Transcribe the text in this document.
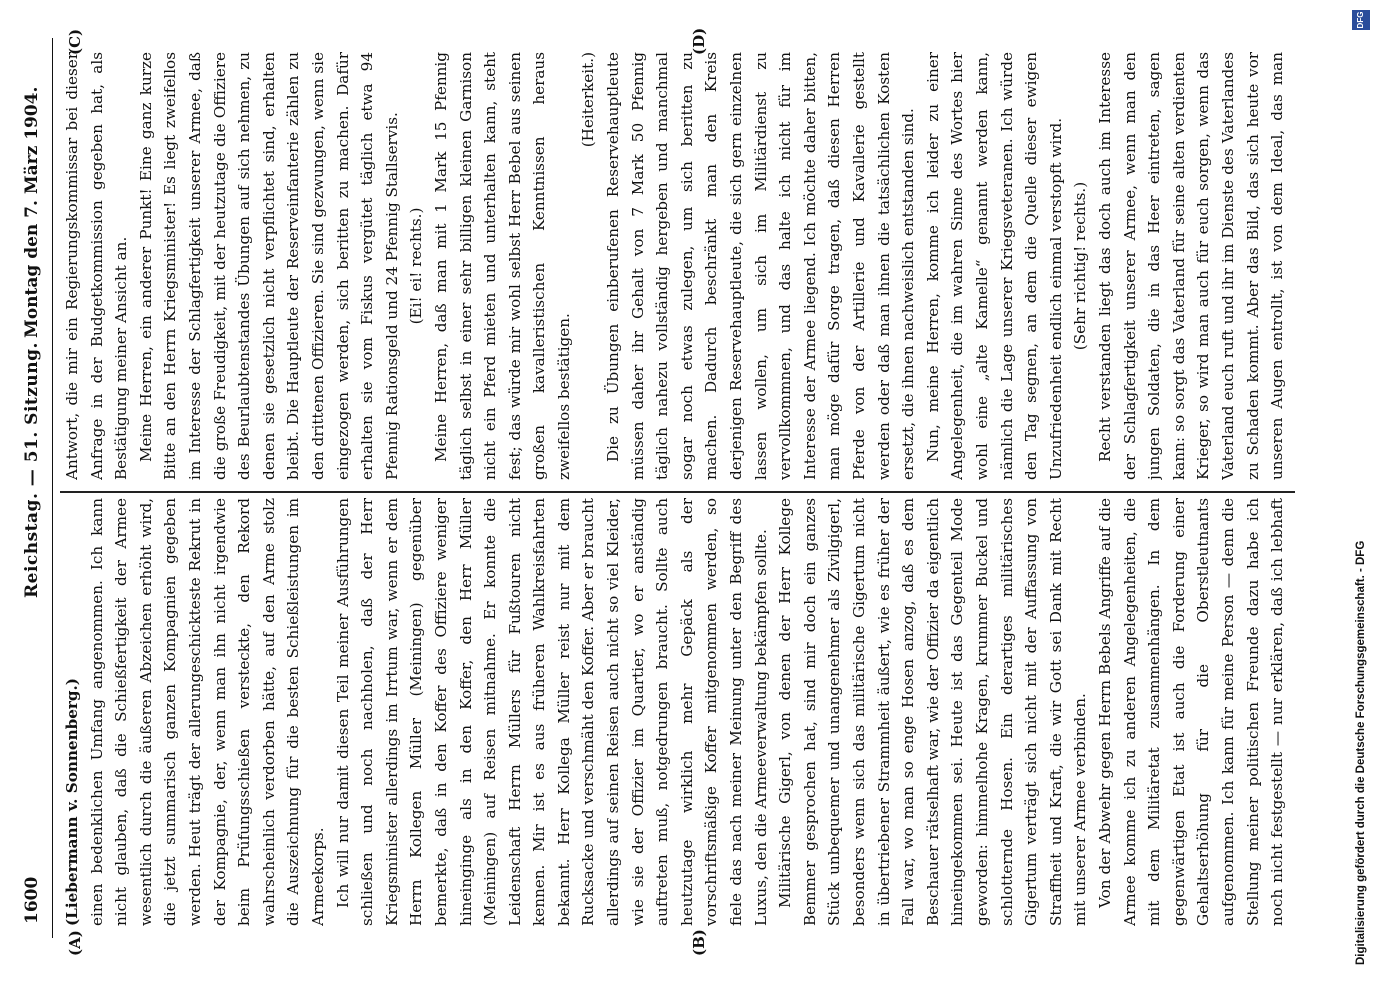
1600
Reichstag. — 51. Sitzung.
Montag den 7. März 1904.
(A)	(B)
(C)	(D)

(Liebermann v. Sonnenberg.) einen bedenklichen Umfang angenommen. Ich kann nicht glauben, daß die Schießfertigkeit der Armee wesentlich durch die äußeren Abzeichen erhöht wird, die jetzt summarisch ganzen Kompagnien gegeben werden. Heut trägt der allerungeschickteste Rekrut in der Kompagnie, der, wenn man ihn nicht irgendwie beim Prüfungsschießen versteckte, den Rekord wahrscheinlich verdorben hätte, auf den Arme stolz die Auszeichnung für die besten Schießleistungen im Armeekorps. Ich will nur damit diesen Teil meiner Ausführungen schließen und noch nachholen, daß der Herr Kriegsminister allerdings im Irrtum war, wenn er dem Herrn Kollegen Müller (Meiningen) gegenüber bemerkte, daß in den Koffer des Offiziere weniger hineinginge als in den Koffer, den Herr Müller (Meiningen) auf Reisen mitnahme. Er konnte die Leidenschaft Herrn Müllers für Fußtouren nicht kennen. Mir ist es aus früheren Wahlkreisfahrten bekannt. Herr Kollega Müller reist nur mit dem Rucksacke und verschmäht den Koffer. Aber er braucht allerdings auf seinen Reisen auch nicht so viel Kleider, wie sie der Offizier im Quartier, wo er anständig auftreten muß, notgedrungen braucht. Sollte auch heutzutage wirklich mehr Gepäck als der vorschriftsmäßige Koffer mitgenommen werden, so fiele das nach meiner Meinung unter den Begriff des Luxus, den die Armeeverwaltung bekämpfen sollte. Militärische Gigerl, von denen der Herr Kollege Bemmer gesprochen hat, sind mir doch ein ganzes Stück unbequemer und unangenehmer als Zivilgigerl, besonders wenn sich das militärische Gigertum nicht in übertriebener Strammheit äußert, wie es früher der Fall war, wo man so enge Hosen anzog, daß es dem Beschauer rätselhaft war, wie der Offizier da eigentlich hineingekommen sei. Heute ist das Gegenteil Mode geworden: himmelhohe Kragen, krummer Buckel und schlotternde Hosen. Ein derartiges militärisches Gigertum verträgt sich nicht mit der Auffassung von Straffheit und Kraft, die wir Gott sei Dank mit Recht mit unserer Armee verbinden. Von der Abwehr gegen Herrn Bebels Angriffe auf die Armee komme ich zu anderen Angelegenheiten, die mit dem Militäretat zusammenhängen. In dem gegenwärtigen Etat ist auch die Forderung einer Gehaltserhöhung für die Oberstleutnants aufgenommen. Ich kann für meine Person — denn die Stellung meiner politischen Freunde dazu habe ich noch nicht festgestellt — nur erklären, daß ich lebhaft

Antwort, die mir ein Regierungskommissar bei dieser Anfrage in der Budgetkommission gegeben hat, als Bestätigung meiner Ansicht an. Meine Herren, ein anderer Punkt! Eine ganz kurze Bitte an den Herrn Kriegsminister! Es liegt zweifellos im Interesse der Schlagfertigkeit unserer Armee, daß die große Freudigkeit, mit der heutzutage die Offiziere des Beurlaubtenstandes Übungen auf sich nehmen, zu denen sie gesetzlich nicht verpflichtet sind, erhalten bleibt. Die Hauptleute der Reserveinfanterie zählen zu den drittenen Offizieren. Sie sind gezwungen, wenn sie eingezogen werden, sich beritten zu machen. Dafür erhalten sie vom Fiskus vergütet täglich etwa 94 Pfennig Rationsgeld und 24 Pfennig Stallservis. (Ei! ei! rechts.) Meine Herren, daß man mit 1 Mark 15 Pfennig täglich selbst in einer sehr billigen kleinen Garnison nicht ein Pferd mieten und unterhalten kann, steht fest; das würde mir wohl selbst Herr Bebel aus seinen großen kavalleristischen Kenntnissen heraus zweifellos bestätigen.

(Heiterkeit.) Die zu Übungen einberufenen Reservehauptleute müssen daher ihr Gehalt von 7 Mark 50 Pfennig täglich nahezu vollständig hergeben und manchmal sogar noch etwas zulegen, um sich beritten zu machen. Dadurch beschränkt man den Kreis derjenigen Reservehauptleute, die sich gern einzelnen lassen wollen, um sich im Militärdienst zu vervollkommnen, und das halte ich nicht für im Interesse der Armee liegend. Ich möchte daher bitten, man möge dafür Sorge tragen, daß diesen Herren Pferde von der Artillerie und Kavallerie gestellt werden oder daß man ihnen die tatsächlichen Kosten ersetzt, die ihnen nachweislich entstanden sind. Nun, meine Herren, komme ich leider zu einer Angelegenheit, die im wahren Sinne des Wortes hier wohl eine „alte Kamelle“ genannt werden kann, nämlich die Lage unserer Kriegsveteranen. Ich würde den Tag segnen, an dem die Quelle dieser ewigen Unzufriedenheit endlich einmal verstopft wird. (Sehr richtig! rechts.)

Recht verstanden liegt das doch auch im Interesse der Schlagfertigkeit unserer Armee, wenn man den jungen Soldaten, die in das Heer eintreten, sagen kann: so sorgt das Vaterland für seine alten verdienten Krieger, so wird man auch für euch sorgen, wenn das Vaterland euch ruft und ihr im Dienste des Vaterlandes zu Schaden kommt. Aber das Bild, das sich heute vor unseren Augen entrollt, ist von dem Ideal, das man

Digitalisierung gefördert durch die Deutsche Forschungsgemeinschaft. - DFG
DFG
